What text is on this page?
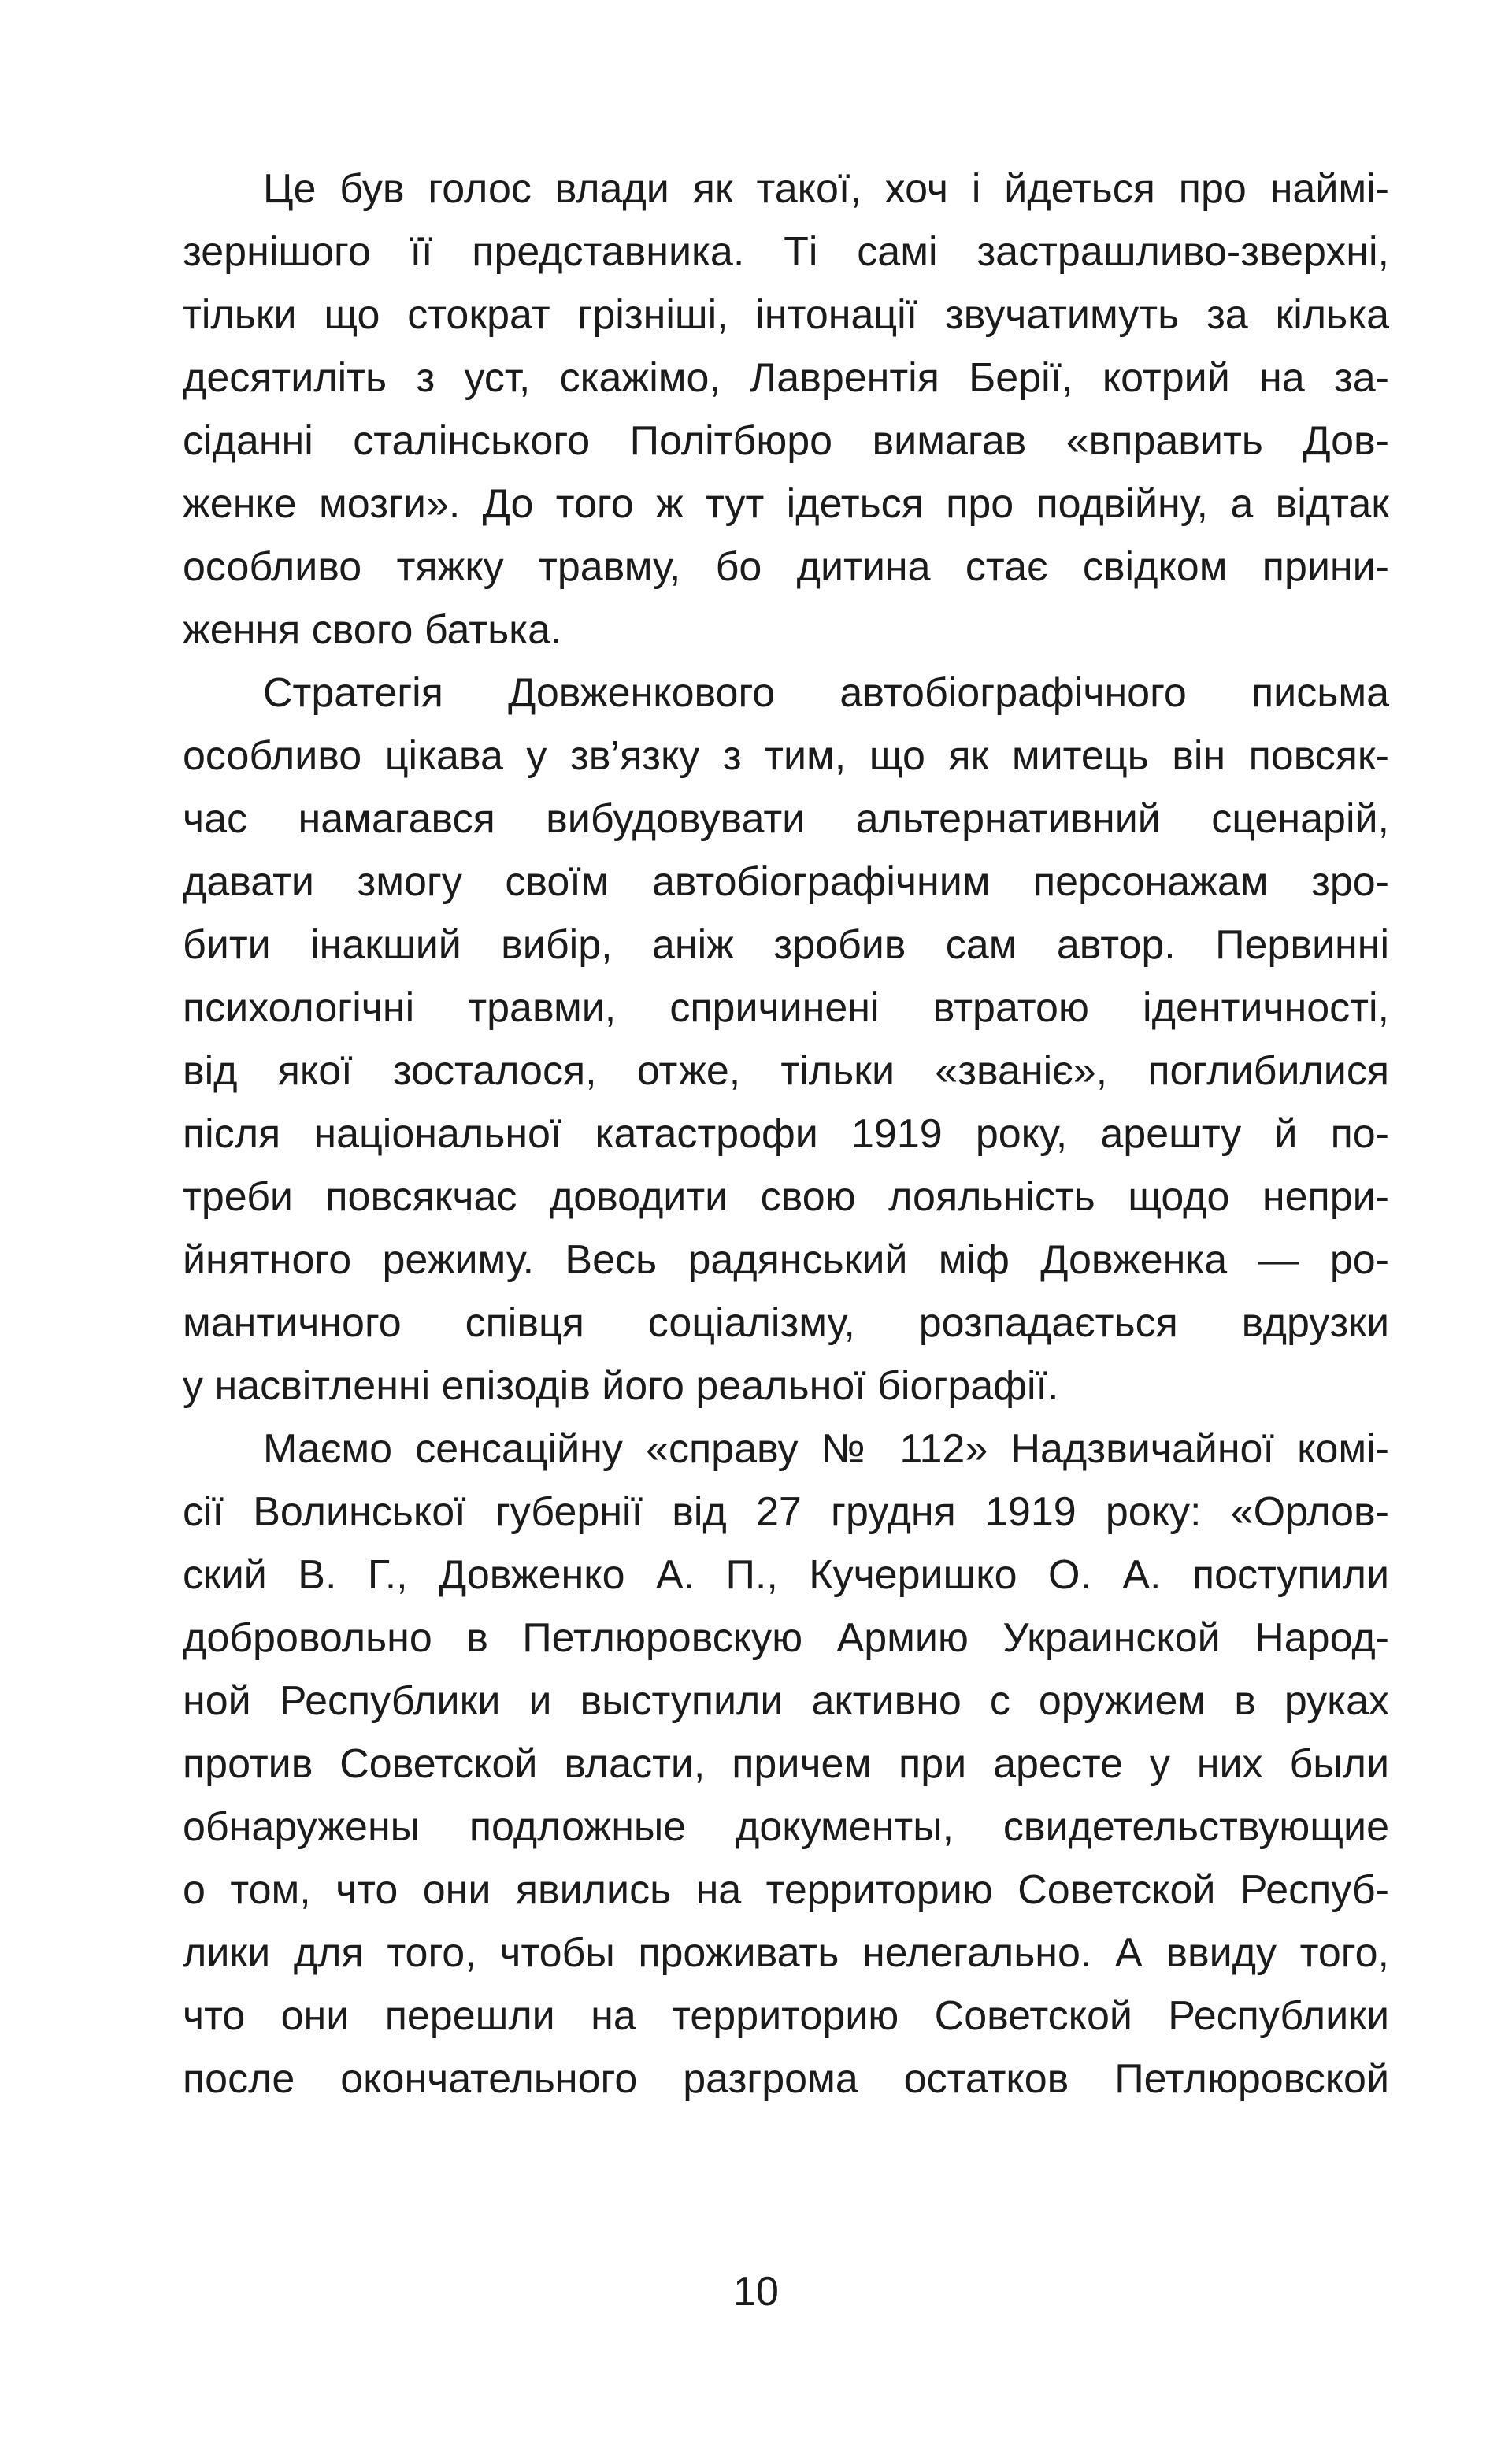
Це був голос влади як такої, хоч і йдеться про наймі-
зернішого її представника. Ті самі застрашливо-зверхні,
тільки що стократ грізніші, інтонації звучатимуть за кілька
десятиліть з уст, скажімо, Лаврентія Берії, котрий на за-
сіданні сталінського Політбюро вимагав «вправить Дов-
женке мозги». До того ж тут ідеться про подвійну, а відтак
особливо тяжку травму, бо дитина стає свідком прини-
ження свого батька.
Стратегія Довженкового автобіографічного письма
особливо цікава у зв’язку з тим, що як митець він повсяк-
час намагався вибудовувати альтернативний сценарій,
давати змогу своїм автобіографічним персонажам зро-
бити інакший вибір, аніж зробив сам автор. Первинні
психологічні травми, спричинені втратою ідентичності,
від якої зосталося, отже, тільки «званіє», поглибилися
після національної катастрофи 1919 року, арешту й по-
треби повсякчас доводити свою лояльність щодо непри-
йнятного режиму. Весь радянський міф Довженка — ро-
мантичного співця соціалізму, розпадається вдрузки
у насвітленні епізодів його реальної біографії.
Маємо сенсаційну «справу № 112» Надзвичайної комі-
сії Волинської губернії від 27 грудня 1919 року: «Орлов-
ский В. Г., Довженко А. П., Кучеришко О. А. поступили
добровольно в Петлюровскую Армию Украинской Народ-
ной Республики и выступили активно с оружием в руках
против Советской власти, причем при аресте у них были
обнаружены подложные документы, свидетельствующие
о том, что они явились на территорию Советской Респуб-
лики для того, чтобы проживать нелегально. А ввиду того,
что они перешли на территорию Советской Республики
после окончательного разгрома остатков Петлюровской
10
